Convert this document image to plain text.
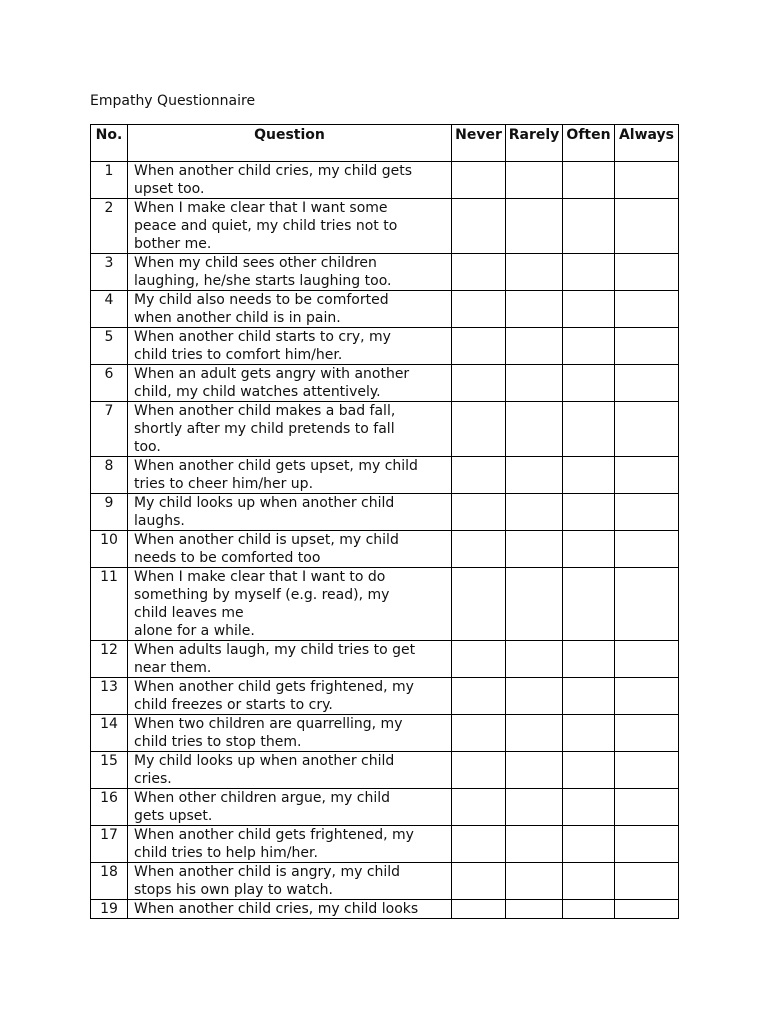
Empathy Questionnaire
No.	Question	Never	Rarely	Often	Always
1	When another child cries, my child gets
upset too.				
2	When I make clear that I want some
peace and quiet, my child tries not to
bother me.				
3	When my child sees other children
laughing, he/she starts laughing too.				
4	My child also needs to be comforted
when another child is in pain.				
5	When another child starts to cry, my
child tries to comfort him/her.				
6	When an adult gets angry with another
child, my child watches attentively.				
7	When another child makes a bad fall,
shortly after my child pretends to fall
too.				
8	When another child gets upset, my child
tries to cheer him/her up.				
9	My child looks up when another child
laughs.				
10	When another child is upset, my child
needs to be comforted too				
11	When I make clear that I want to do
something by myself (e.g. read), my
child leaves me
alone for a while.				
12	When adults laugh, my child tries to get
near them.				
13	When another child gets frightened, my
child freezes or starts to cry.				
14	When two children are quarrelling, my
child tries to stop them.				
15	My child looks up when another child
cries.				
16	When other children argue, my child
gets upset.				
17	When another child gets frightened, my
child tries to help him/her.				
18	When another child is angry, my child
stops his own play to watch.				
19	When another child cries, my child looks				
